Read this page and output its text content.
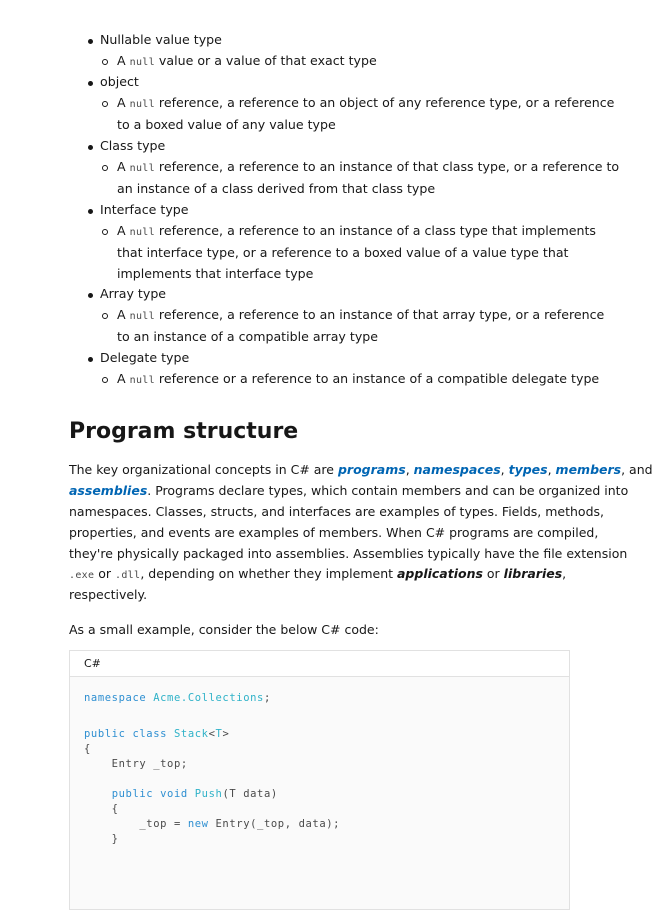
Nullable value type
A null value or a value of that exact type
object
A null reference, a reference to an object of any reference type, or a reference
to a boxed value of any value type
Class type
A null reference, a reference to an instance of that class type, or a reference to
an instance of a class derived from that class type
Interface type
A null reference, a reference to an instance of a class type that implements
that interface type, or a reference to a boxed value of a value type that
implements that interface type
Array type
A null reference, a reference to an instance of that array type, or a reference
to an instance of a compatible array type
Delegate type
A null reference or a reference to an instance of a compatible delegate type
Program structure
The key organizational concepts in C# are programs, namespaces, types, members, and
assemblies. Programs declare types, which contain members and can be organized into
namespaces. Classes, structs, and interfaces are examples of types. Fields, methods,
properties, and events are examples of members. When C# programs are compiled,
they're physically packaged into assemblies. Assemblies typically have the file extension
.exe or .dll, depending on whether they implement applications or libraries,
respectively.
As a small example, consider the below C# code:
C#
namespace Acme.Collections;
public class Stack<T>
{
Entry _top;
public void Push(T data)
{
_top = new Entry(_top, data);
}
